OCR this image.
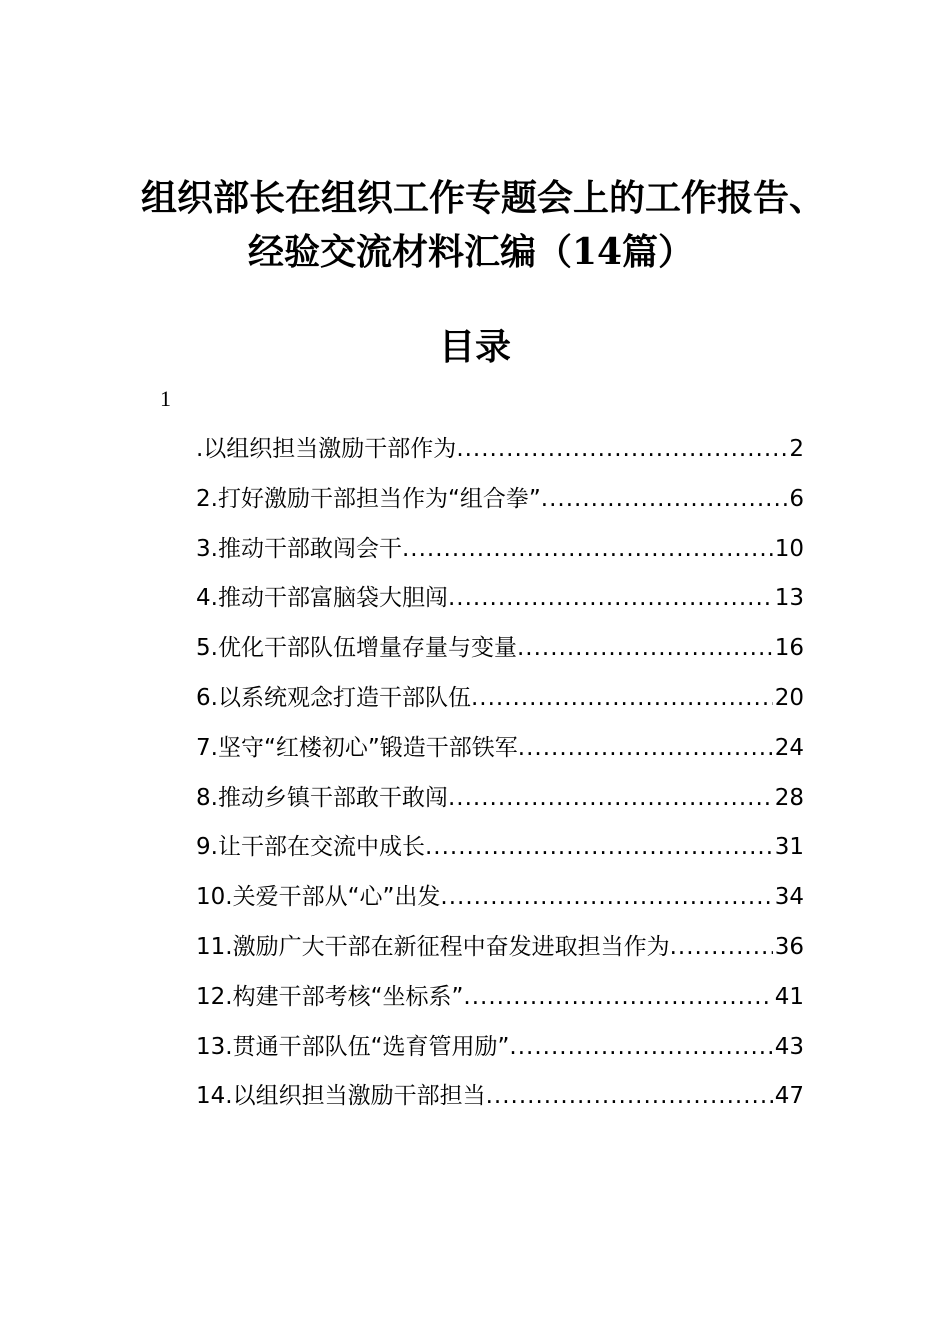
组织部长在组织工作专题会上的工作报告、
经验交流材料汇编（14篇）
目录
1
.以组织担当激励干部作为 .....	2
2.打好激励干部担当作为“组合拳” .....	6
3.推动干部敢闯会干 .....	10
4.推动干部富脑袋大胆闯 .....	13
5.优化干部队伍增量存量与变量 .....	16
6.以系统观念打造干部队伍 .....	20
7.坚守“红楼初心”锻造干部铁军 .....	24
8.推动乡镇干部敢干敢闯 .....	28
9.让干部在交流中成长 .....	31
10.关爱干部从“心”出发 .....	34
11.激励广大干部在新征程中奋发进取担当作为 .....	36
12.构建干部考核“坐标系” .....	41
13.贯通干部队伍“选育管用励” .....	43
14.以组织担当激励干部担当 .....	47
